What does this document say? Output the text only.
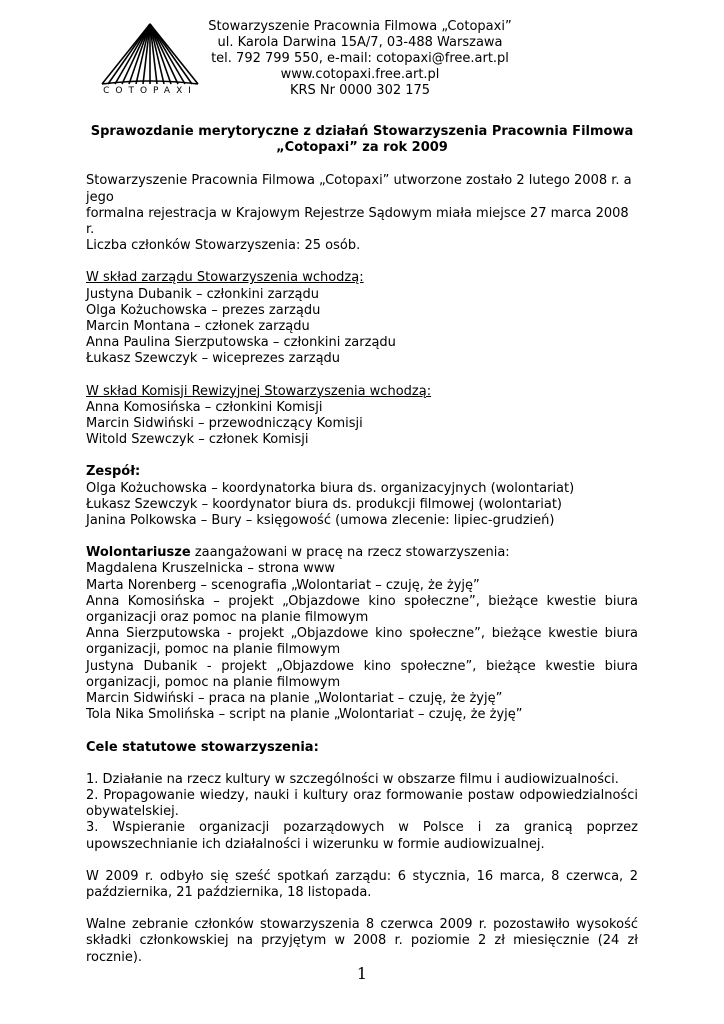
COTOPAXI
Stowarzyszenie Pracownia Filmowa „Cotopaxi”
ul. Karola Darwina 15A/7, 03-488 Warszawa
tel. 792 799 550, e-mail: cotopaxi@free.art.pl
www.cotopaxi.free.art.pl
KRS Nr 0000 302 175
Sprawozdanie merytoryczne z działań Stowarzyszenia Pracownia Filmowa
„Cotopaxi” za rok 2009
Stowarzyszenie Pracownia Filmowa „Cotopaxi” utworzone zostało 2 lutego 2008 r. a jego
formalna rejestracja w Krajowym Rejestrze Sądowym miała miejsce 27 marca 2008 r.
Liczba członków Stowarzyszenia: 25 osób.
W skład zarządu Stowarzyszenia wchodzą:
Justyna Dubanik – członkini zarządu
Olga Kożuchowska – prezes zarządu
Marcin Montana – członek zarządu
Anna Paulina Sierzputowska – członkini zarządu
Łukasz Szewczyk – wiceprezes zarządu
W skład Komisji Rewizyjnej Stowarzyszenia wchodzą:
Anna Komosińska – członkini Komisji
Marcin Sidwiński – przewodniczący Komisji
Witold Szewczyk – członek Komisji
Zespół:
Olga Kożuchowska – koordynatorka biura ds. organizacyjnych (wolontariat)
Łukasz Szewczyk – koordynator biura ds. produkcji filmowej (wolontariat)
Janina Polkowska – Bury – księgowość (umowa zlecenie: lipiec-grudzień)
Wolontariusze zaangażowani w pracę na rzecz stowarzyszenia:
Magdalena Kruszelnicka – strona www
Marta Norenberg – scenografia „Wolontariat – czuję, że żyję”
Anna Komosińska – projekt „Objazdowe kino społeczne”, bieżące kwestie biura organizacji oraz pomoc na planie filmowym
Anna Sierzputowska - projekt „Objazdowe kino społeczne”, bieżące kwestie biura organizacji, pomoc na planie filmowym
Justyna Dubanik - projekt „Objazdowe kino społeczne”, bieżące kwestie biura organizacji, pomoc na planie filmowym
Marcin Sidwiński – praca na planie „Wolontariat – czuję, że żyję”
Tola Nika Smolińska – script na planie „Wolontariat – czuję, że żyję”
Cele statutowe stowarzyszenia:
1. Działanie na rzecz kultury w szczególności w obszarze filmu i audiowizualności.
2. Propagowanie wiedzy, nauki i kultury oraz formowanie postaw odpowiedzialności obywatelskiej.
3. Wspieranie organizacji pozarządowych w Polsce i za granicą poprzez upowszechnianie ich działalności i wizerunku w formie audiowizualnej.
W 2009 r. odbyło się sześć spotkań zarządu: 6 stycznia, 16 marca, 8 czerwca, 2 października, 21 października, 18 listopada.
Walne zebranie członków stowarzyszenia 8 czerwca 2009 r. pozostawiło wysokość składki członkowskiej na przyjętym w 2008 r. poziomie 2 zł miesięcznie (24 zł rocznie).
1
